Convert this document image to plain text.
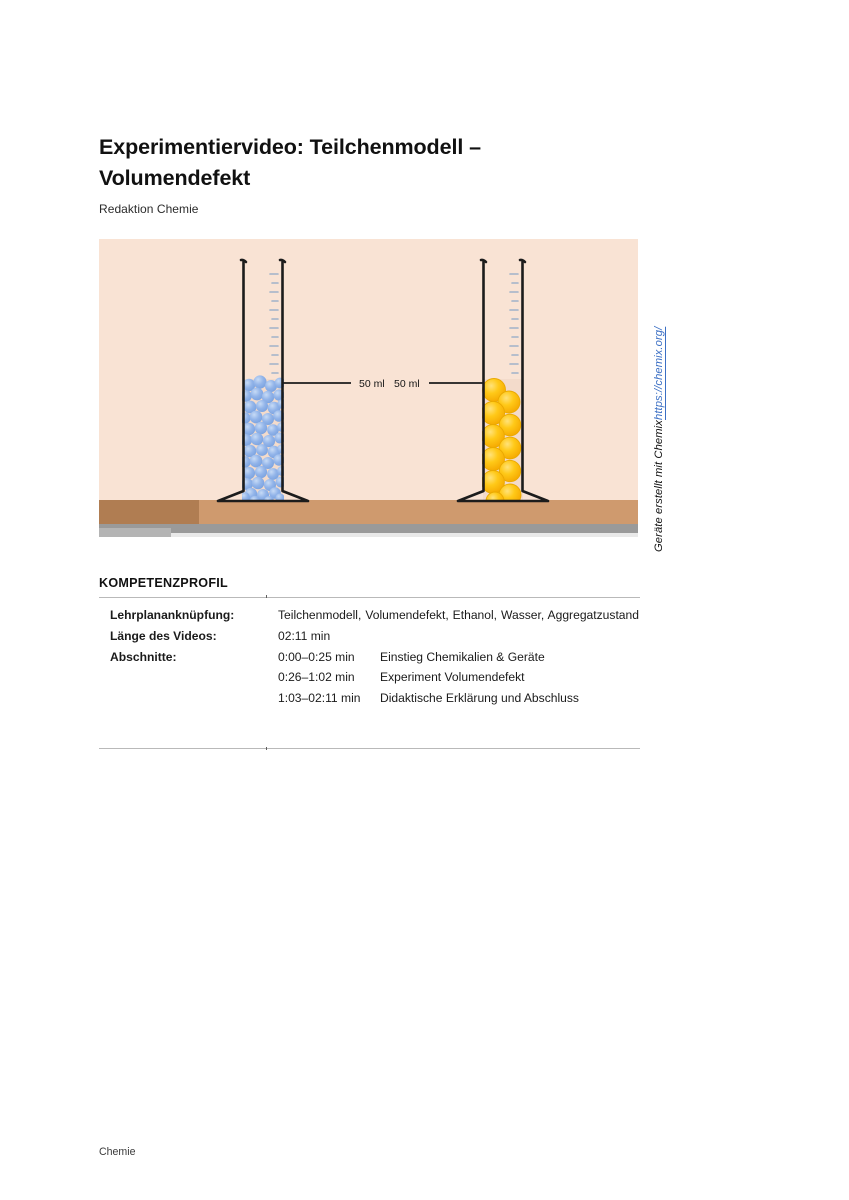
Experimentiervideo: Teilchenmodell – Volumendefekt
Redaktion Chemie
50 ml 50 ml
Geräte erstellt mit Chemix
https://chemix.org/
KOMPETENZPROFIL
Lehrplananknüpfung:	Teilchenmodell, Volumendefekt, Ethanol, Wasser, Aggregatzustand
Länge des Videos:	02:11 min
Abschnitte:		0:00–0:25 min	Einstieg Chemikalien & Geräte
0:26–1:02 min	Experiment Volumendefekt
1:03–02:11 min	Didaktische Erklärung und Abschluss
Chemie
